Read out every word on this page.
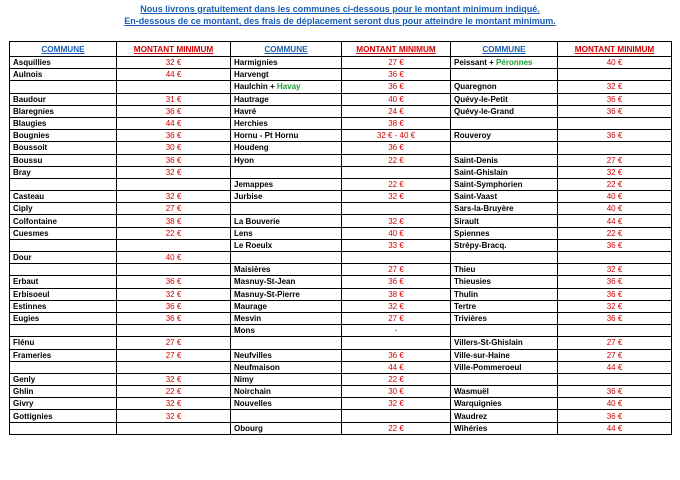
Nous livrons gratuitement dans les communes ci-dessous pour le montant minimum indiqué.
En-dessous de ce montant, des frais de déplacement seront dus pour atteindre le montant minimum.
COMMUNE	MONTANT MINIMUM	COMMUNE	MONTANT MINIMUM	COMMUNE	MONTANT MINIMUM
Asquillies	32 €	Harmignies	27 €	Peissant + Péronnes	40 €
Aulnois	44 €	Harvengt	36 €		
		Haulchin + Havay	36 €	Quaregnon	32 €
Baudour	31 €	Hautrage	40 €	Quévy-le-Petit	36 €
Blaregnies	36 €	Havré	24 €	Quévy-le-Grand	36 €
Blaugies	44 €	Herchies	38 €		
Bougnies	36 €	Hornu - Pt Hornu	32 € - 40 €	Rouveroy	36 €
Boussoit	30 €	Houdeng	36 €		
Boussu	36 €	Hyon	22 €	Saint-Denis	27 €
Bray	32 €			Saint-Ghislain	32 €
		Jemappes	22 €	Saint-Symphorien	22 €
Casteau	32 €	Jurbise	32 €	Saint-Vaast	40 €
Ciply	27 €			Sars-la-Bruyère	40 €
Colfontaine	38 €	La Bouverie	32 €	Sirault	44 €
Cuesmes	22 €	Lens	40 €	Spiennes	22 €
		Le Roeulx	33 €	Strépy-Bracq.	36 €
Dour	40 €				
		Maisières	27 €	Thieu	32 €
Erbaut	36 €	Masnuy-St-Jean	36 €	Thieusies	36 €
Erbisoeul	32 €	Masnuy-St-Pierre	38 €	Thulin	36 €
Estinnes	36 €	Maurage	32 €	Tertre	32 €
Eugies	36 €	Mesvin	27 €	Trivières	36 €
		Mons	-		
Flénu	27 €			Villers-St-Ghislain	27 €
Frameries	27 €	Neufvilles	36 €	Ville-sur-Haine	27 €
		Neufmaison	44 €	Ville-Pommeroeul	44 €
Genly	32 €	Nimy	22 €		
Ghlin	22 €	Noirchain	30 €	Wasmuël	36 €
Givry	32 €	Nouvelles	32 €	Warquignies	40 €
Gottignies	32 €			Waudrez	36 €
		Obourg	22 €	Wihéries	44 €
